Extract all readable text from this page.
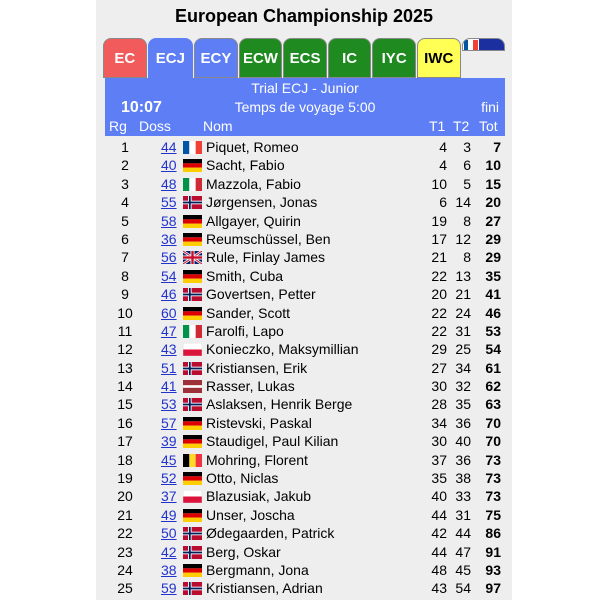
European Championship 2025
EC	ECJ	ECY ECW ECS	IC	IYC	IWC
Trial ECJ - Junior
10:07	Temps de voyage 5:00	fini
Rg Doss Nom	T1 T2 Tot
1	44 Piquet, Romeo	4	3	7
2	40 Sacht, Fabio	4	6	10
3	48 Mazzola, Fabio	10	5	15
4	55 Jørgensen, Jonas	6 14	20
5	58 Allgayer, Quirin	19	8	27
6	36 Reumschüssel, Ben	17 12	29
7	56 Rule, Finlay James	21	8	29
8	54 Smith, Cuba	22 13	35
9	46 Govertsen, Petter	20 21	41
10	60 Sander, Scott	22 24	46
11	47 Farolfi, Lapo	22 31	53
12	43 Konieczko, Maksymillian	29 25	54
13	51 Kristiansen, Erik	27 34	61
14	41 Rasser, Lukas	30 32	62
15	53 Aslaksen, Henrik Berge	28 35	63
16	57 Ristevski, Paskal	34 36	70
17	39 Staudigel, Paul Kilian	30 40	70
18	45 Mohring, Florent	37 36	73
19	52 Otto, Niclas	35 38	73
20	37 Blazusiak, Jakub	40 33	73
21	49 Unser, Joscha	44 31	75
22	50 Ødegaarden, Patrick	42 44	86
23	42 Berg, Oskar	44 47	91
24	38 Bergmann, Jona	48 45	93
25	59 Kristiansen, Adrian	43 54	97
